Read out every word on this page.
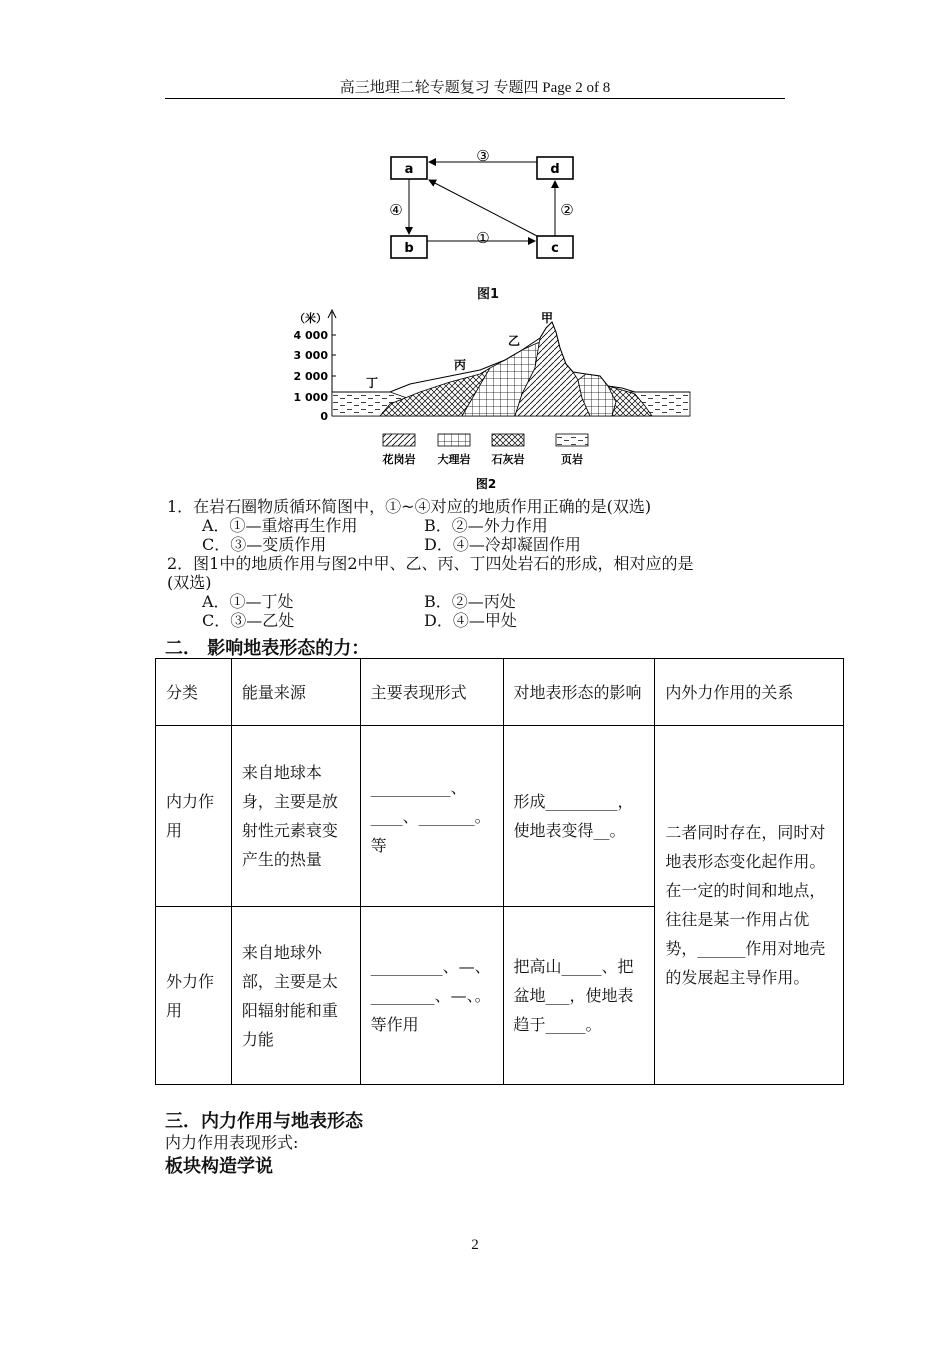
高三地理二轮专题复习 专题四 Page 2 of 8
a	d
b	c
③
④
①
②
图1
（米）
4 000
3 000
2 000
1 000
0
甲
乙
丙
丁
花岗岩 大理岩 石灰岩	页岩
图2
1．在岩石圈物质循环简图中，①~④对应的地质作用正确的是(双选)
A．①—重熔再生作用	B．②—外力作用
C．③—变质作用	D．④—冷却凝固作用
2．图1中的地质作用与图2中甲、乙、丙、丁四处岩石的形成，相对应的是
(双选)
A．①—丁处	B．②—丙处
C．③—乙处	D．④—甲处
二． 影响地表形态的力：
分类	能量来源	主要表现形式	对地表形态的影响	内外力作用的关系
内力作用	来自地球本身，主要是放射性元素衰变产生的热量	__________、____、_______。等	形成_________，使地表变得__。	二者同时存在，同时对地表形态变化起作用。在一定的时间和地点，往往是某一作用占优势，______作用对地壳的发展起主导作用。
外力作用	来自地球外部，主要是太阳辐射能和重力能	_________、—、________、—、。等作用	把高山_____、把盆地___，使地表趋于_____。	
三．内力作用与地表形态
内力作用表现形式:
板块构造学说
2
